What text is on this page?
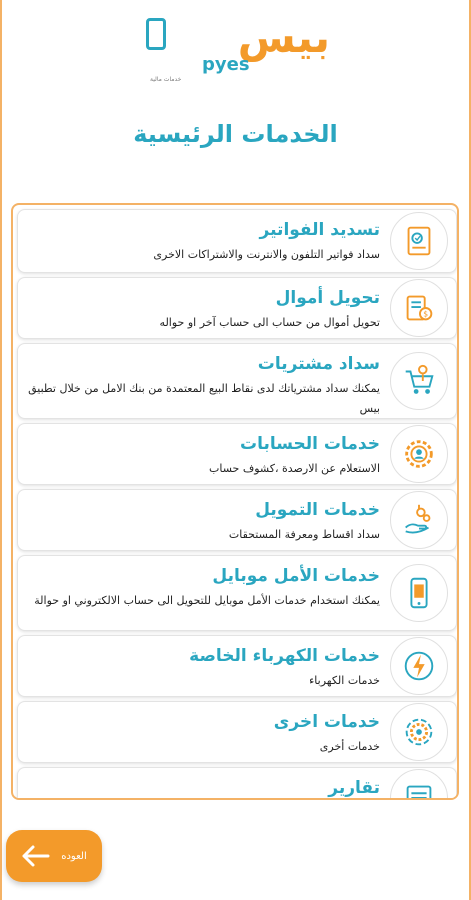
بيس
pyes
خدمات مالية
الخدمات الرئيسية
تسديد الفواتير
سداد فواتير التلفون والانترنت والاشتراكات الاخرى
$
تحويل أموال
تحويل أموال من حساب الى حساب آخر او حواله
سداد مشتريات
يمكنك سداد مشترياتك لدى نقاط البيع المعتمدة من بنك الامل من خلال تطبيق بيس
خدمات الحسابات
الاستعلام عن الارصدة ،كشوف حساب
خدمات التمويل
سداد اقساط ومعرفة المستحقات
خدمات الأمل موبايل
يمكنك استخدام خدمات الأمل موبايل للتحويل الى حساب الالكتروني او حوالة
خدمات الكهرباء الخاصة
خدمات الكهرباء
خدمات اخرى
خدمات أخرى
تقارير
العوده
